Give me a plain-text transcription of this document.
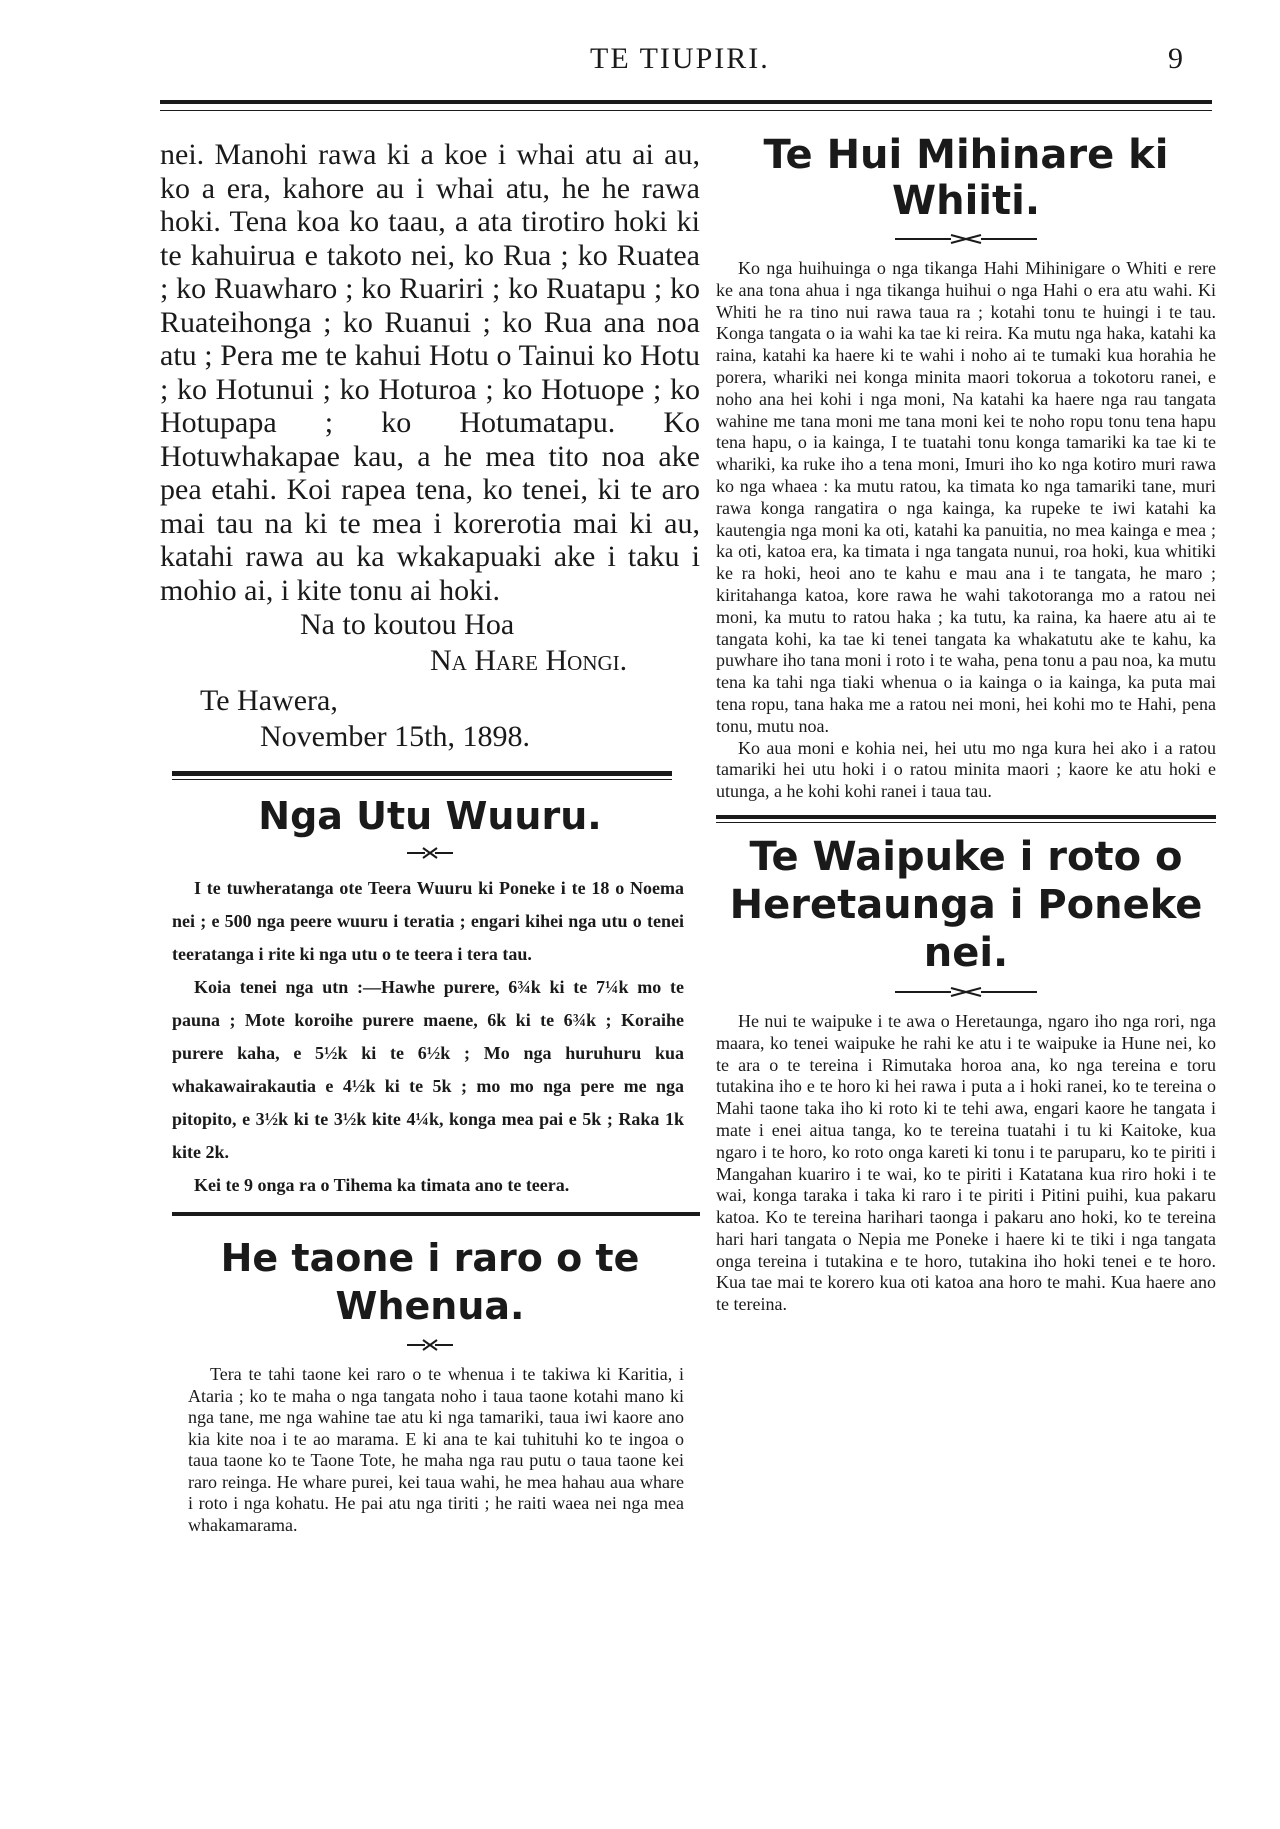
TE TIUPIRI.	9

nei. Manohi rawa ki a koe i whai atu ai au, ko a era, kahore au i whai atu, he he rawa hoki. Tena koa ko taau, a ata tirotiro hoki ki te kahuirua e takoto nei, ko Rua ; ko Ruatea ; ko Ruawharo ; ko Ruariri ; ko Ruatapu ; ko Ruateihonga ; ko Ruanui ; ko Rua ana noa atu ; Pera me te kahui Hotu o Tainui ko Hotu ; ko Hotunui ; ko Hoturoa ; ko Hotuope ; ko Hotupapa ; ko Hotumatapu. Ko Hotuwhakapae kau, a he mea tito noa ake pea etahi. Koi rapea tena, ko tenei, ki te aro mai tau na ki te mea i korerotia mai ki au, katahi rawa au ka wkakapuaki ake i taku i mohio ai, i kite tonu ai hoki.

Na to koutou Hoa
Na Hare Hongi.
Te Hawera,
November 15th, 1898.
Nga Utu Wuuru.

I te tuwheratanga ote Teera Wuuru ki Poneke i te 18 o Noema nei ; e 500 nga peere wuuru i teratia ; engari kihei nga utu o tenei teeratanga i rite ki nga utu o te teera i tera tau.

Koia tenei nga utn :—Hawhe purere, 6¾k ki te 7¼k mo te pauna ; Mote koroihe purere maene, 6k ki te 6¾k ; Koraihe purere kaha, e 5½k ki te 6½k ; Mo nga huruhuru kua whakawairakautia e 4½k ki te 5k ; mo mo nga pere me nga pitopito, e 3½k ki te 3½k kite 4¼k, konga mea pai e 5k ; Raka 1k kite 2k.

Kei te 9 onga ra o Tihema ka timata ano te teera.

He taone i raro o te Whenua.

Tera te tahi taone kei raro o te whenua i te takiwa ki Karitia, i Ataria ; ko te maha o nga tangata noho i taua taone kotahi mano ki nga tane, me nga wahine tae atu ki nga tamariki, taua iwi kaore ano kia kite noa i te ao marama. E ki ana te kai tuhituhi ko te ingoa o taua taone ko te Taone Tote, he maha nga rau putu o taua taone kei raro reinga. He whare purei, kei taua wahi, he mea hahau aua whare i roto i nga kohatu. He pai atu nga tiriti ; he raiti waea nei nga mea whakamarama.

Te Hui Mihinare ki Whiiti.

Ko nga huihuinga o nga tikanga Hahi Mihinigare o Whiti e rere ke ana tona ahua i nga tikanga huihui o nga Hahi o era atu wahi. Ki Whiti he ra tino nui rawa taua ra ; kotahi tonu te huingi i te tau. Konga tangata o ia wahi ka tae ki reira. Ka mutu nga haka, katahi ka raina, katahi ka haere ki te wahi i noho ai te tumaki kua horahia he porera, whariki nei konga minita maori tokorua a tokotoru ranei, e noho ana hei kohi i nga moni, Na katahi ka haere nga rau tangata wahine me tana moni me tana moni kei te noho ropu tonu tena hapu tena hapu, o ia kainga, I te tuatahi tonu konga tamariki ka tae ki te whariki, ka ruke iho a tena moni, Imuri iho ko nga kotiro muri rawa ko nga whaea : ka mutu ratou, ka timata ko nga tamariki tane, muri rawa konga rangatira o nga kainga, ka rupeke te iwi katahi ka kautengia nga moni ka oti, katahi ka panuitia, no mea kainga e mea ; ka oti, katoa era, ka timata i nga tangata nunui, roa hoki, kua whitiki ke ra hoki, heoi ano te kahu e mau ana i te tangata, he maro ; kiritahanga katoa, kore rawa he wahi takotoranga mo a ratou nei moni, ka mutu to ratou haka ; ka tutu, ka raina, ka haere atu ai te tangata kohi, ka tae ki tenei tangata ka whakatutu ake te kahu, ka puwhare iho tana moni i roto i te waha, pena tonu a pau noa, ka mutu tena ka tahi nga tiaki whenua o ia kainga o ia kainga, ka puta mai tena ropu, tana haka me a ratou nei moni, hei kohi mo te Hahi, pena tonu, mutu noa.

Ko aua moni e kohia nei, hei utu mo nga kura hei ako i a ratou tamariki hei utu hoki i o ratou minita maori ; kaore ke atu hoki e utunga, a he kohi kohi ranei i taua tau.

Te Waipuke i roto o Heretaunga i Poneke nei.

He nui te waipuke i te awa o Heretaunga, ngaro iho nga rori, nga maara, ko tenei waipuke he rahi ke atu i te waipuke ia Hune nei, ko te ara o te tereina i Rimutaka horoa ana, ko nga tereina e toru tutakina iho e te horo ki hei rawa i puta a i hoki ranei, ko te tereina o Mahi taone taka iho ki roto ki te tehi awa, engari kaore he tangata i mate i enei aitua tanga, ko te tereina tuatahi i tu ki Kaitoke, kua ngaro i te horo, ko roto onga kareti ki tonu i te paruparu, ko te piriti i Mangahan kuariro i te wai, ko te piriti i Katatana kua riro hoki i te wai, konga taraka i taka ki raro i te piriti i Pitini puihi, kua pakaru katoa. Ko te tereina hariharі taonga i pakaru ano hoki, ko te tereina hari hari tangata o Nepia me Poneke i haere ki te tiki i nga tangata onga tereina i tutakina e te horo, tutakina iho hoki tenei e te horo. Kua tae mai te korero kua oti katoa ana horo te mahi. Kua haere ano te tereina.
